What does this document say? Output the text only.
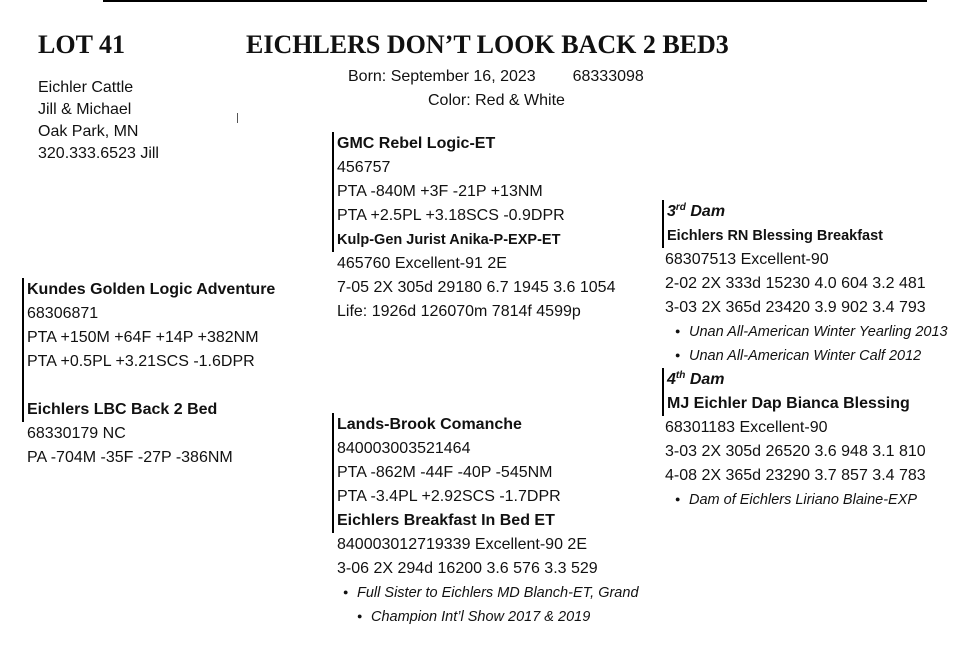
LOT 41	EICHLERS DON’T LOOK BACK 2 BED3
Born: September 16, 2023 68333098
Color: Red & White
Eichler Cattle
Jill & Michael
Oak Park, MN
320.333.6523 Jill
GMC Rebel Logic-ET
456757
PTA -840M +3F -21P +13NM
PTA +2.5PL +3.18SCS -0.9DPR
Kulp-Gen Jurist Anika-P-EXP-ET
465760 Excellent-91 2E
7-05 2X 305d 29180 6.7 1945 3.6 1054
Life: 1926d 126070m 7814f 4599p
Kundes Golden Logic Adventure
68306871
PTA +150M +64F +14P +382NM
PTA +0.5PL +3.21SCS -1.6DPR

Eichlers LBC Back 2 Bed
68330179 NC
PA -704M -35F -27P -386NM
Lands-Brook Comanche
840003003521464
PTA -862M -44F -40P -545NM
PTA -3.4PL +2.92SCS -1.7DPR
Eichlers Breakfast In Bed ET
840003012719339 Excellent-90 2E
3-06 2X 294d 16200 3.6 576 3.3 529
● Full Sister to Eichlers MD Blanch-ET, Grand
● Champion Int’l Show 2017 & 2019
3rd Dam
Eichlers RN Blessing Breakfast
68307513 Excellent-90
2-02 2X 333d 15230 4.0 604 3.2 481
3-03 2X 365d 23420 3.9 902 3.4 793
● Unan All-American Winter Yearling 2013
● Unan All-American Winter Calf 2012
4th Dam
MJ Eichler Dap Bianca Blessing
68301183 Excellent-90
3-03 2X 305d 26520 3.6 948 3.1 810
4-08 2X 365d 23290 3.7 857 3.4 783
● Dam of Eichlers Liriano Blaine-EXP
